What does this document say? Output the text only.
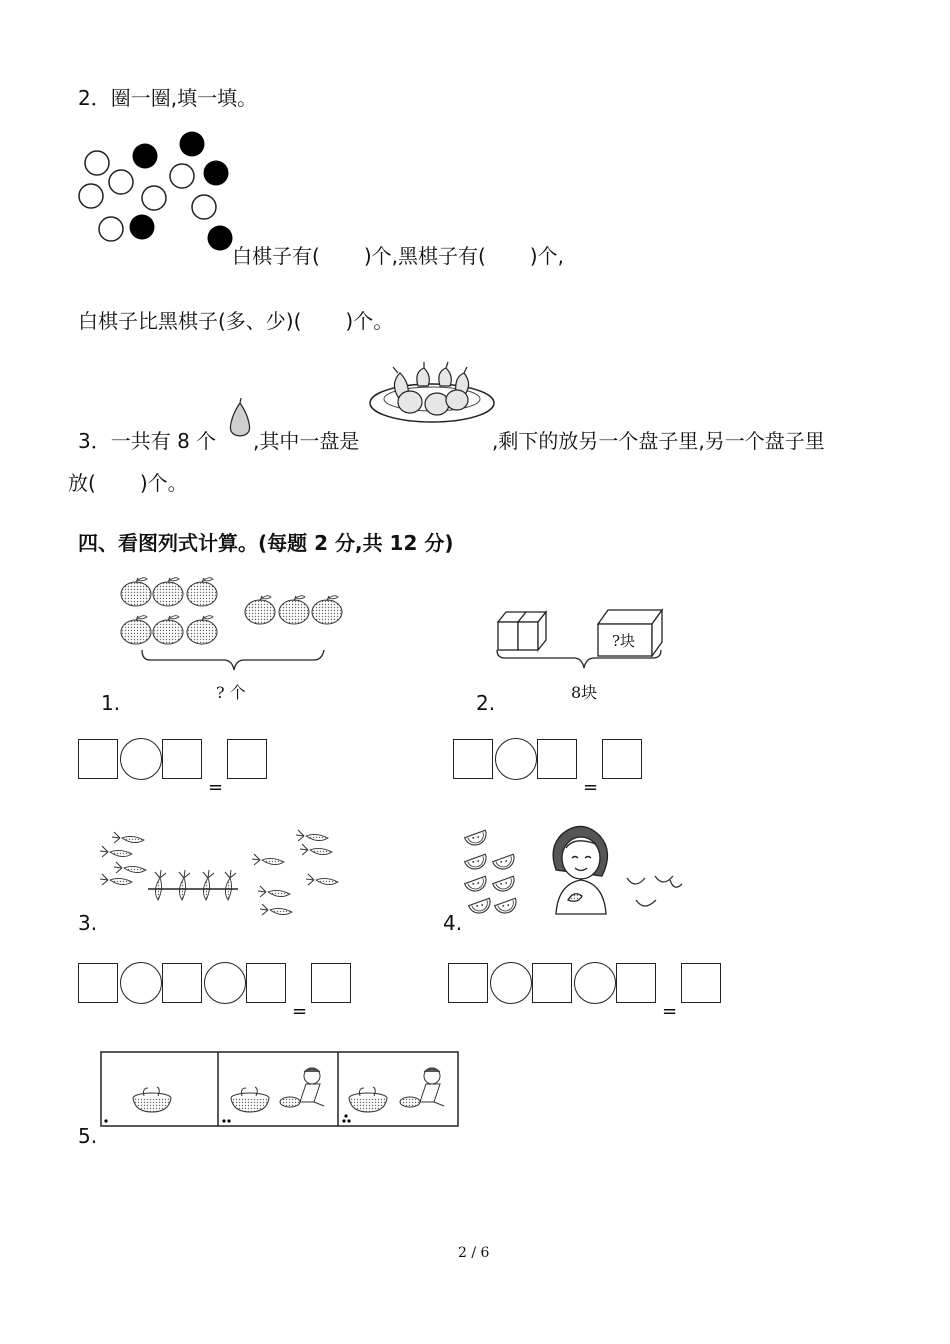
2．圈一圈,填一填。
白棋子有( )个,黑棋子有( )个,
白棋子比黑棋子(多、少)( )个。
3．一共有 8 个 ,其中一盘是	,剩下的放另一个盘子里,另一个盘子里
放( )个。
四、看图列式计算。(每题 2 分,共 12 分)
? 个
1.
=
?块
8块
2.
=
3.
=
4.
=
5.
2 / 6
